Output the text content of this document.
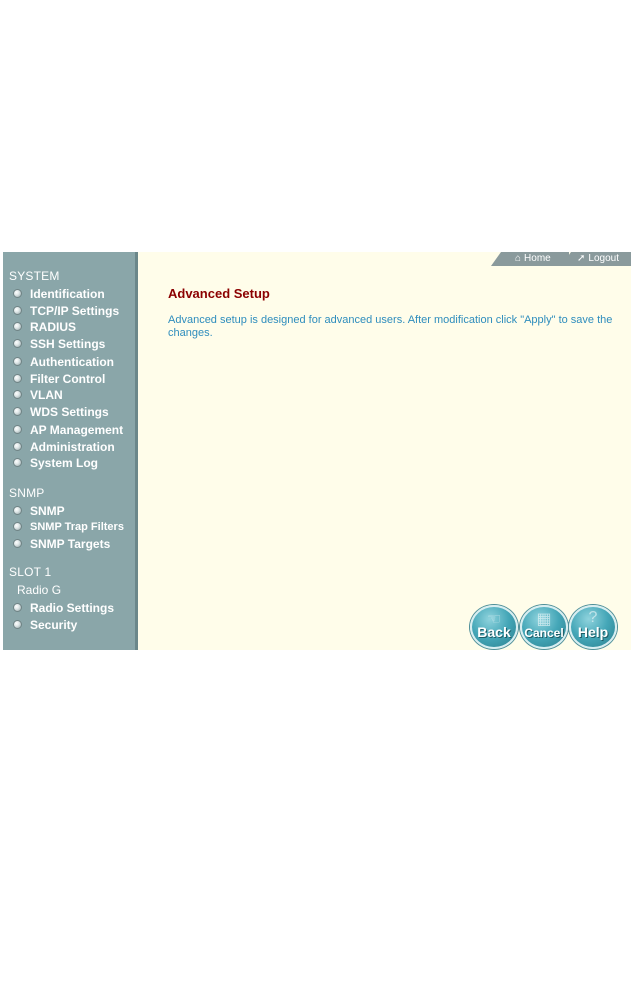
SYSTEM
Identification
TCP/IP Settings
RADIUS
SSH Settings
Authentication
Filter Control
VLAN
WDS Settings
AP Management
Administration
System Log
SNMP
SNMP
SNMP Trap Filters
SNMP Targets
SLOT 1
Radio G
Radio Settings
Security
⌂ Home	➚ Logout
Advanced Setup
Advanced setup is designed for advanced users. After modification click "Apply" to save the changes.
☜
Back
▦
Cancel
?
Help
